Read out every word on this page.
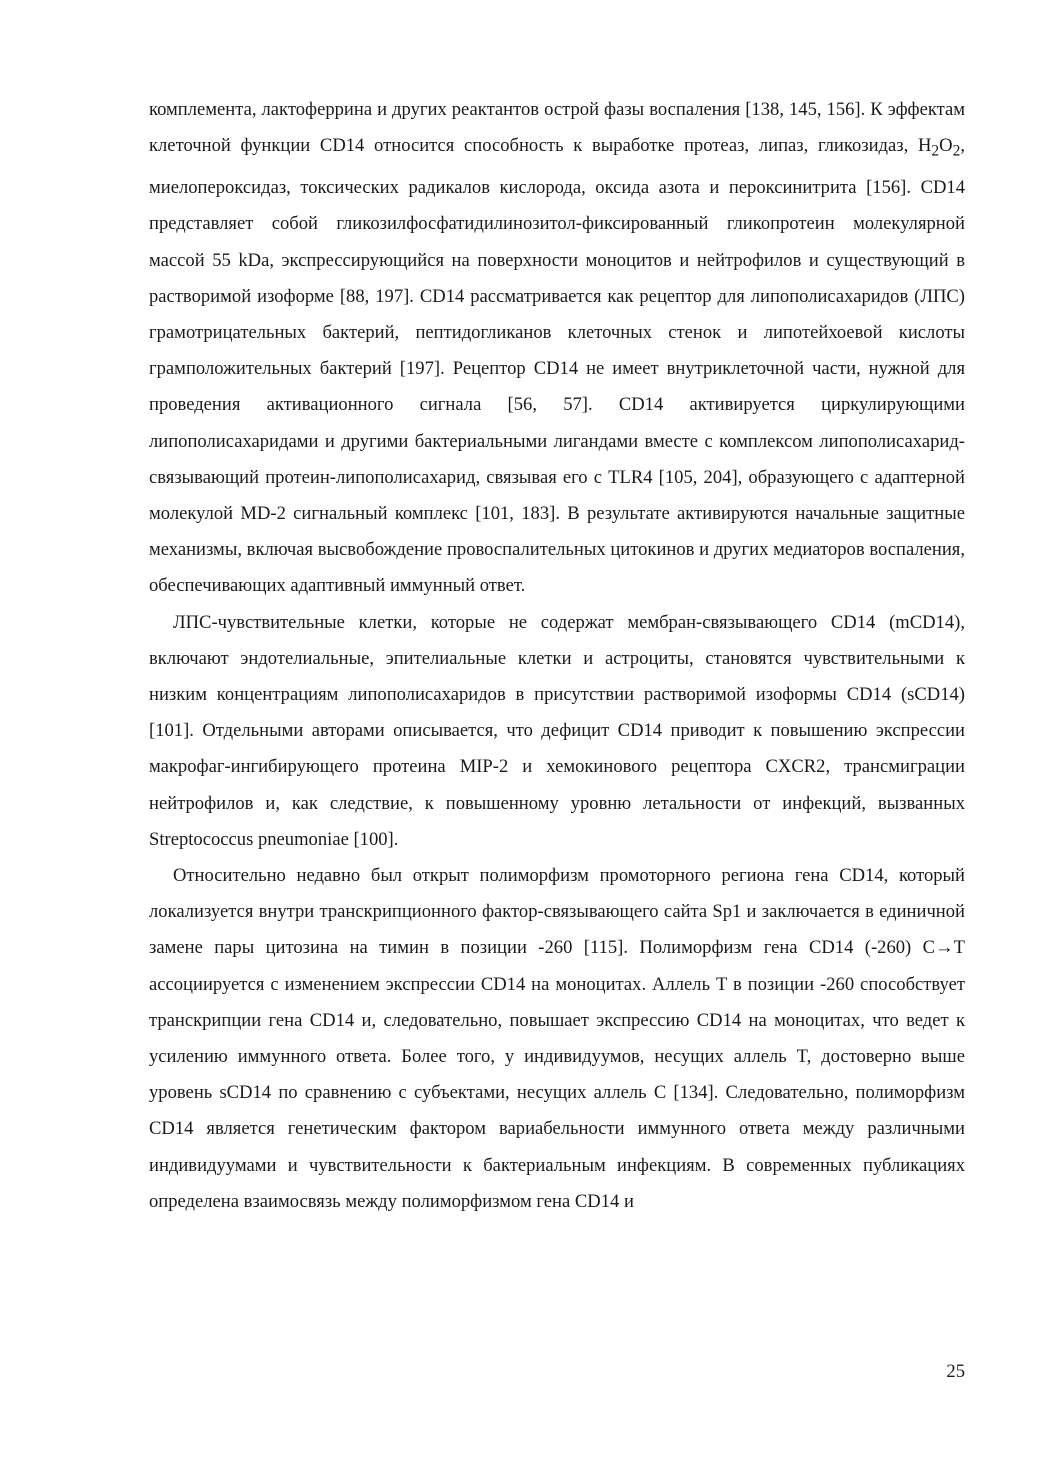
комплемента, лактоферрина и других реактантов острой фазы воспаления [138, 145, 156]. К эффектам клеточной функции CD14 относится способность к выработке протеаз, липаз, гликозидаз, $H_2O_2$, миелопероксидаз, токсических радикалов кислорода, оксида азота и пероксинитрита [156]. CD14 представляет собой гликозилфосфатидилинозитол-фиксированный гликопротеин молекулярной массой 55 kDa, экспрессирующийся на поверхности моноцитов и нейтрофилов и существующий в растворимой изоформе [88, 197]. CD14 рассматривается как рецептор для липополисахаридов (ЛПС) грамотрицательных бактерий, пептидогликанов клеточных стенок и липотейхоевой кислоты грамположительных бактерий [197]. Рецептор CD14 не имеет внутриклеточной части, нужной для проведения активационного сигнала [56, 57]. CD14 активируется циркулирующими липополисахаридами и другими бактериальными лигандами вместе с комплексом липополисахарид-связывающий протеин-липополисахарид, связывая его с TLR4 [105, 204], образующего с адаптерной молекулой MD-2 сигнальный комплекс [101, 183]. В результате активируются начальные защитные механизмы, включая высвобождение провоспалительных цитокинов и других медиаторов воспаления, обеспечивающих адаптивный иммунный ответ.

ЛПС-чувствительные клетки, которые не содержат мембран-связывающего CD14 (mCD14), включают эндотелиальные, эпителиальные клетки и астроциты, становятся чувствительными к низким концентрациям липополисахаридов в присутствии растворимой изоформы CD14 (sCD14) [101]. Отдельными авторами описывается, что дефицит CD14 приводит к повышению экспрессии макрофаг-ингибирующего протеина MIP-2 и хемокинового рецептора CXCR2, трансмиграции нейтрофилов и, как следствие, к повышенному уровню летальности от инфекций, вызванных Streptococcus pneumoniae [100].

Относительно недавно был открыт полиморфизм промоторного региона гена CD14, который локализуется внутри транскрипционного фактор-связывающего сайта Sp1 и заключается в единичной замене пары цитозина на тимин в позиции -260 [115]. Полиморфизм гена CD14 (-260) C→T ассоциируется с изменением экспрессии CD14 на моноцитах. Аллель T в позиции -260 способствует транскрипции гена CD14 и, следовательно, повышает экспрессию CD14 на моноцитах, что ведет к усилению иммунного ответа. Более того, у индивидуумов, несущих аллель T, достоверно выше уровень sCD14 по сравнению с субъектами, несущих аллель C [134]. Следовательно, полиморфизм CD14 является генетическим фактором вариабельности иммунного ответа между различными индивидуумами и чувствительности к бактериальным инфекциям. В современных публикациях определена взаимосвязь между полиморфизмом гена CD14 и

25
